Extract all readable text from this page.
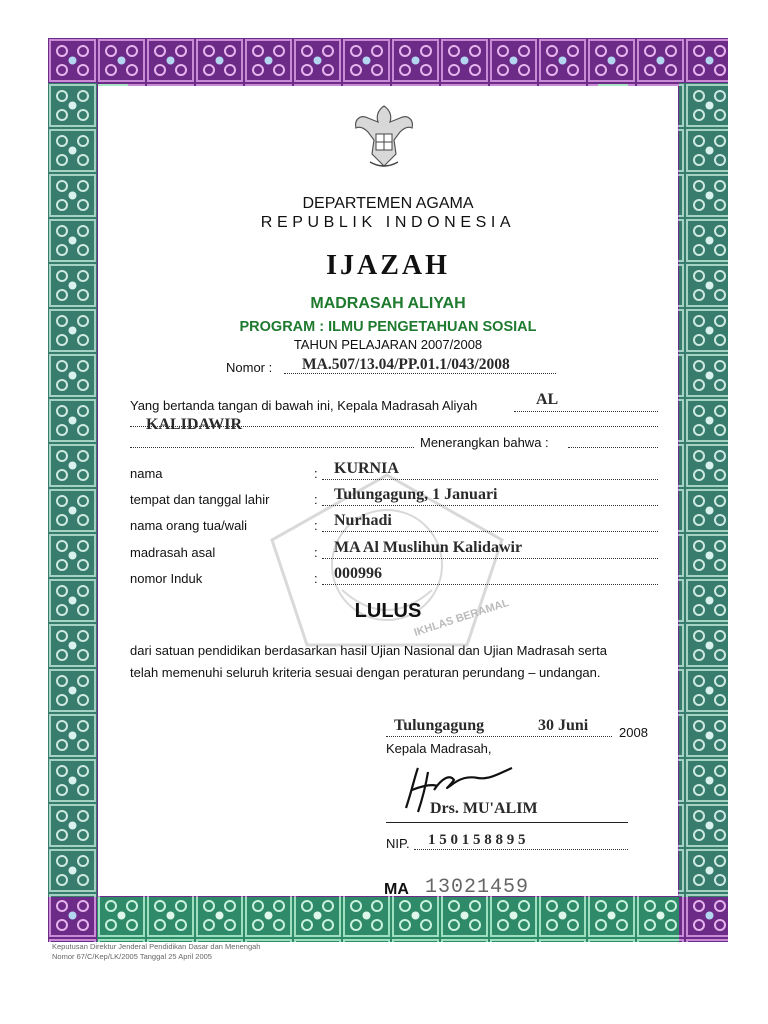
IKHLAS BERAMAL
DEPARTEMEN AGAMA
REPUBLIK INDONESIA
IJAZAH
MADRASAH ALIYAH
PROGRAM : ILMU PENGETAHUAN SOSIAL
TAHUN PELAJARAN 2007/2008
Nomor : MA.507/13.04/PP.01.1/043/2008
Yang bertanda tangan di bawah ini, Kepala Madrasah Aliyah	AL
KALIDAWIR
Menerangkan bahwa :
nama	: KURNIA
tempat dan tanggal lahir	: Tulungagung, 1 Januari
nama orang tua/wali	: Nurhadi
madrasah asal	: MA Al Muslihun Kalidawir
nomor Induk	: 000996
LULUS
dari satuan pendidikan berdasarkan hasil Ujian Nasional dan Ujian Madrasah serta
telah memenuhi seluruh kriteria sesuai dengan peraturan perundang – undangan.
Tulungagung	30 Juni 2008
Kepala Madrasah,
Drs. MU'ALIM
NIP. 1 5 0 1 5 8 8 9 5
MA 13021459
Keputusan Direktur Jenderal Pendidikan Dasar dan Menengah
Nomor 67/C/Kep/LK/2005 Tanggal 25 April 2005
